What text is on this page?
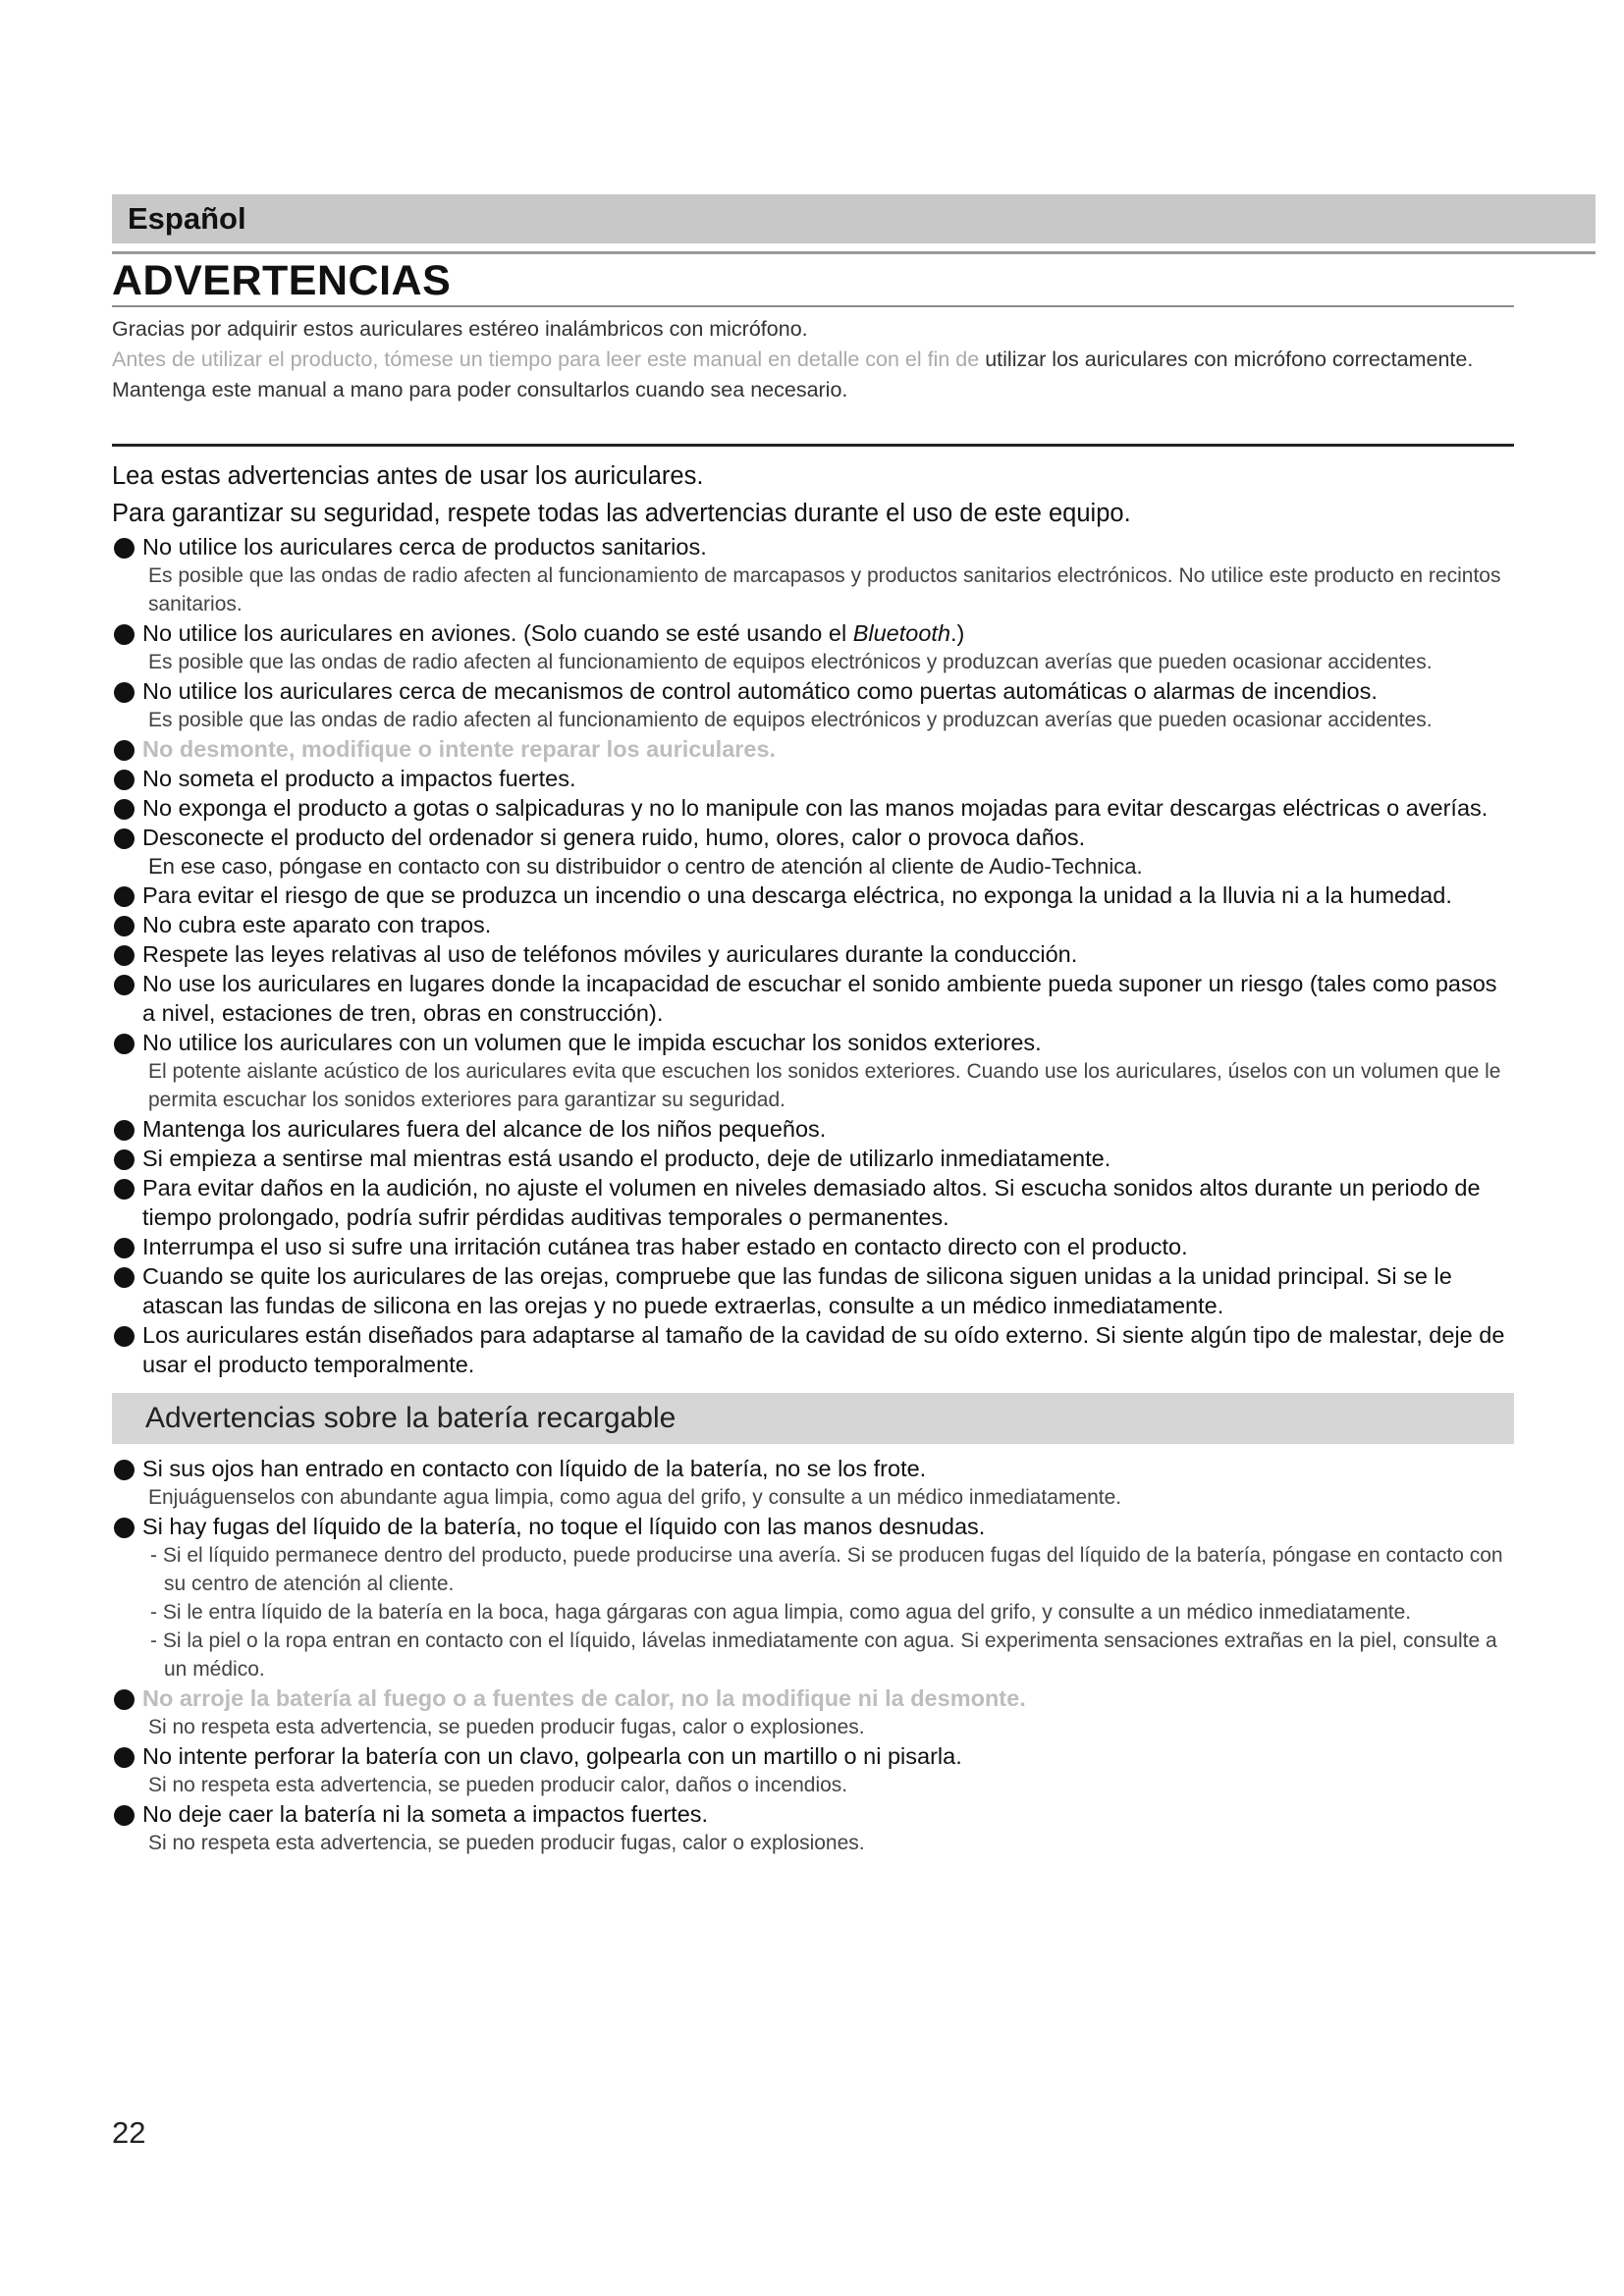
Español
ADVERTENCIAS

Gracias por adquirir estos auriculares estéreo inalámbricos con micrófono.

Antes de utilizar el producto, tómese un tiempo para leer este manual en detalle con el fin de utilizar los auriculares con micrófono correctamente.

Mantenga este manual a mano para poder consultarlos cuando sea necesario.

Lea estas advertencias antes de usar los auriculares.

Para garantizar su seguridad, respete todas las advertencias durante el uso de este equipo.

No utilice los auriculares cerca de productos sanitarios.

Es posible que las ondas de radio afecten al funcionamiento de marcapasos y productos sanitarios electrónicos. No utilice este producto en recintos sanitarios.

No utilice los auriculares en aviones. (Solo cuando se esté usando el Bluetooth.)

Es posible que las ondas de radio afecten al funcionamiento de equipos electrónicos y produzcan averías que pueden ocasionar accidentes.

No utilice los auriculares cerca de mecanismos de control automático como puertas automáticas o alarmas de incendios.

Es posible que las ondas de radio afecten al funcionamiento de equipos electrónicos y produzcan averías que pueden ocasionar accidentes.

No desmonte, modifique o intente reparar los auriculares.

No someta el producto a impactos fuertes.

No exponga el producto a gotas o salpicaduras y no lo manipule con las manos mojadas para evitar descargas eléctricas o averías.

Desconecte el producto del ordenador si genera ruido, humo, olores, calor o provoca daños.

En ese caso, póngase en contacto con su distribuidor o centro de atención al cliente de Audio-Technica.

Para evitar el riesgo de que se produzca un incendio o una descarga eléctrica, no exponga la unidad a la lluvia ni a la humedad.

No cubra este aparato con trapos.

Respete las leyes relativas al uso de teléfonos móviles y auriculares durante la conducción.

No use los auriculares en lugares donde la incapacidad de escuchar el sonido ambiente pueda suponer un riesgo (tales como pasos a nivel, estaciones de tren, obras en construcción).

No utilice los auriculares con un volumen que le impida escuchar los sonidos exteriores.

El potente aislante acústico de los auriculares evita que escuchen los sonidos exteriores. Cuando use los auriculares, úselos con un volumen que le permita escuchar los sonidos exteriores para garantizar su seguridad.

Mantenga los auriculares fuera del alcance de los niños pequeños.

Si empieza a sentirse mal mientras está usando el producto, deje de utilizarlo inmediatamente.

Para evitar daños en la audición, no ajuste el volumen en niveles demasiado altos. Si escucha sonidos altos durante un periodo de tiempo prolongado, podría sufrir pérdidas auditivas temporales o permanentes.

Interrumpa el uso si sufre una irritación cutánea tras haber estado en contacto directo con el producto.

Cuando se quite los auriculares de las orejas, compruebe que las fundas de silicona siguen unidas a la unidad principal. Si se le atascan las fundas de silicona en las orejas y no puede extraerlas, consulte a un médico inmediatamente.

Los auriculares están diseñados para adaptarse al tamaño de la cavidad de su oído externo. Si siente algún tipo de malestar, deje de usar el producto temporalmente.

Advertencias sobre la batería recargable

Si sus ojos han entrado en contacto con líquido de la batería, no se los frote.

Enjuáguenselos con abundante agua limpia, como agua del grifo, y consulte a un médico inmediatamente.

Si hay fugas del líquido de la batería, no toque el líquido con las manos desnudas.

- Si el líquido permanece dentro del producto, puede producirse una avería. Si se producen fugas del líquido de la batería, póngase en contacto con su centro de atención al cliente.

- Si le entra líquido de la batería en la boca, haga gárgaras con agua limpia, como agua del grifo, y consulte a un médico inmediatamente.

- Si la piel o la ropa entran en contacto con el líquido, lávelas inmediatamente con agua. Si experimenta sensaciones extrañas en la piel, consulte a un médico.

No arroje la batería al fuego o a fuentes de calor, no la modifique ni la desmonte.

Si no respeta esta advertencia, se pueden producir fugas, calor o explosiones.

No intente perforar la batería con un clavo, golpearla con un martillo o ni pisarla.

Si no respeta esta advertencia, se pueden producir calor, daños o incendios.

No deje caer la batería ni la someta a impactos fuertes.

Si no respeta esta advertencia, se pueden producir fugas, calor o explosiones.

22
